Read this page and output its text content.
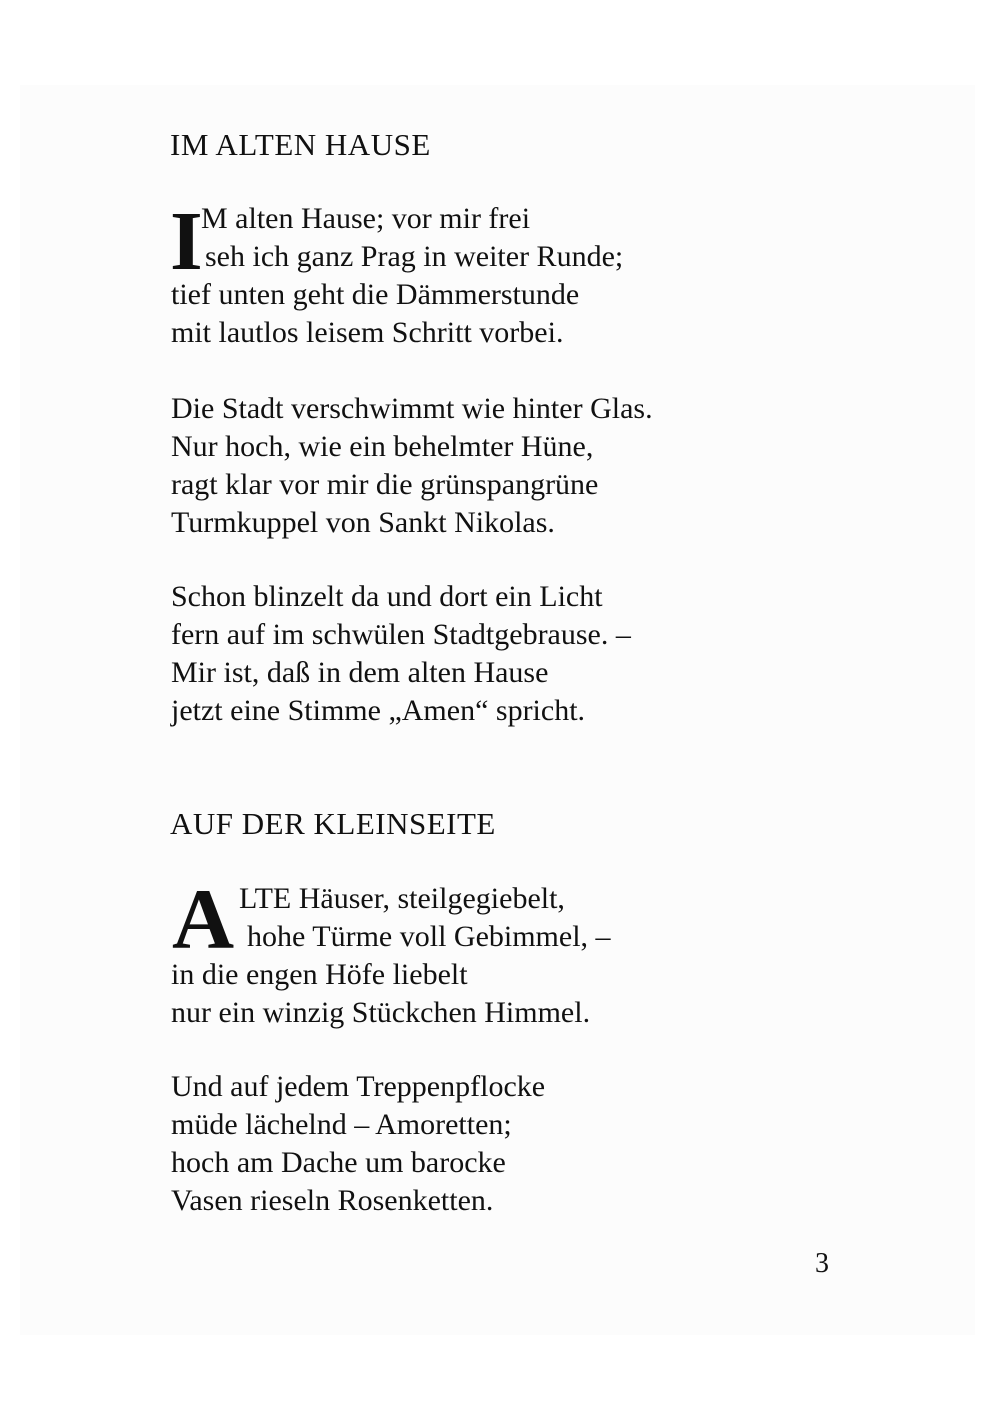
IM ALTEN HAUSE
I
M alten Hause; vor mir frei
seh ich ganz Prag in weiter Runde;
tief unten geht die Dämmerstunde
mit lautlos leisem Schritt vorbei.
Die Stadt verschwimmt wie hinter Glas.
Nur hoch, wie ein behelmter Hüne,
ragt klar vor mir die grünspangrüne
Turmkuppel von Sankt Nikolas.
Schon blinzelt da und dort ein Licht
fern auf im schwülen Stadtgebrause. –
Mir ist, daß in dem alten Hause
jetzt eine Stimme „Amen“ spricht.
AUF DER KLEINSEITE
A LTE Häuser, steilgegiebelt,
hohe Türme voll Gebimmel, –
in die engen Höfe liebelt
nur ein winzig Stückchen Himmel.
Und auf jedem Treppenpflocke
müde lächelnd – Amoretten;
hoch am Dache um barocke
Vasen rieseln Rosenketten.
3
